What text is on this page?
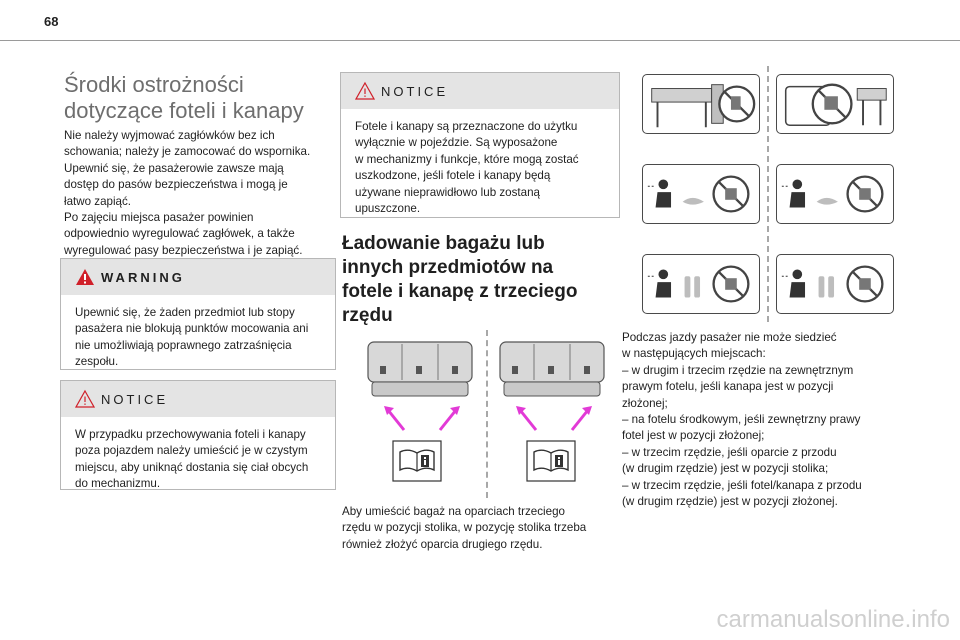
68
Środki ostrożności
dotyczące foteli i kanapy
Nie należy wyjmować zagłówków bez ich
schowania; należy je zamocować do wspornika.
Upewnić się, że pasażerowie zawsze mają
dostęp do pasów bezpieczeństwa i mogą je
łatwo zapiąć.
Po zajęciu miejsca pasażer powinien
odpowiednio wyregulować zagłówek, a także
wyregulować pasy bezpieczeństwa i je zapiąć.
WARNING
Upewnić się, że żaden przedmiot lub stopy
pasażera nie blokują punktów mocowania ani
nie umożliwiają poprawnego zatrzaśnięcia
zespołu.
NOTICE
W przypadku przechowywania foteli i kanapy
poza pojazdem należy umieścić je w czystym
miejscu, aby uniknąć dostania się ciał obcych
do mechanizmu.
NOTICE
Fotele i kanapy są przeznaczone do użytku
wyłącznie w pojeździe. Są wyposażone
w mechanizmy i funkcje, które mogą zostać
uszkodzone, jeśli fotele i kanapy będą
używane nieprawidłowo lub zostaną
upuszczone.
Ładowanie bagażu lub
innych przedmiotów na
fotele i kanapę z trzeciego
rzędu
Aby umieścić bagaż na oparciach trzeciego
rzędu w pozycji stolika, w pozycję stolika trzeba
również złożyć oparcia drugiego rzędu.
Podczas jazdy pasażer nie może siedzieć
w następujących miejscach:
– w drugim i trzecim rzędzie na zewnętrznym
prawym fotelu, jeśli kanapa jest w pozycji
złożonej;
– na fotelu środkowym, jeśli zewnętrzny prawy
fotel jest w pozycji złożonej;
– w trzecim rzędzie, jeśli oparcie z przodu
(w drugim rzędzie) jest w pozycji stolika;
– w trzecim rzędzie, jeśli fotel/kanapa z przodu
(w drugim rzędzie) jest w pozycji złożonej.
carmanualsonline.info
